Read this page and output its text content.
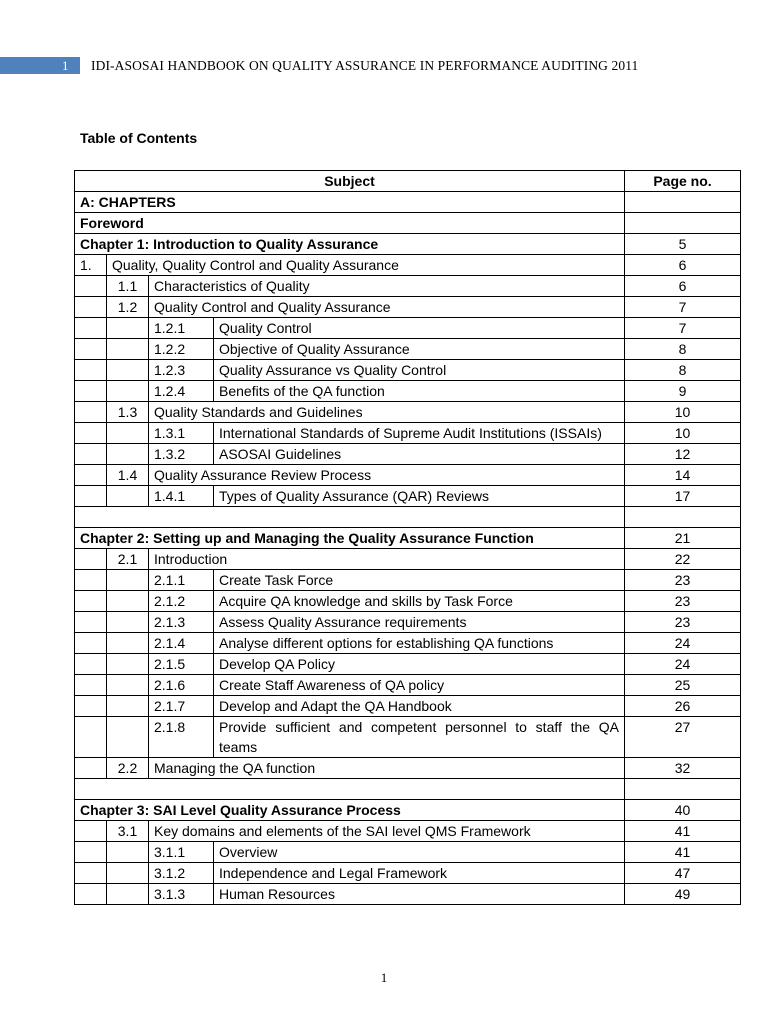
1 IDI-ASOSAI HANDBOOK ON QUALITY ASSURANCE IN PERFORMANCE AUDITING 2011
Table of Contents
Subject				Page no.
A: CHAPTERS				
Foreword				
Chapter 1: Introduction to Quality Assurance				5
1.	Quality, Quality Control and Quality Assurance			6
	1.1	Characteristics of Quality		6
	1.2	Quality Control and Quality Assurance		7
		1.2.1	Quality Control	7
		1.2.2	Objective of Quality Assurance	8
		1.2.3	Quality Assurance vs Quality Control	8
		1.2.4	Benefits of the QA function	9
	1.3	Quality Standards and Guidelines		10
		1.3.1	International Standards of Supreme Audit Institutions (ISSAIs)	10
		1.3.2	ASOSAI Guidelines	12
	1.4	Quality Assurance Review Process		14
		1.4.1	Types of Quality Assurance (QAR) Reviews	17

Chapter 2: Setting up and Managing the Quality Assurance Function				21
	2.1	Introduction		22
		2.1.1	Create Task Force	23
		2.1.2	Acquire QA knowledge and skills by Task Force	23
		2.1.3	Assess Quality Assurance requirements	23
		2.1.4	Analyse different options for establishing QA functions	24
		2.1.5	Develop QA Policy	24
		2.1.6	Create Staff Awareness of QA policy	25
		2.1.7	Develop and Adapt the QA Handbook	26
		2.1.8	Provide sufficient and competent personnel to staff the QA teams	27
	2.2	Managing the QA function		32

Chapter 3: SAI Level Quality Assurance Process				40
	3.1	Key domains and elements of the SAI level QMS Framework		41
		3.1.1	Overview	41
		3.1.2	Independence and Legal Framework	47
		3.1.3	Human Resources	49
1
